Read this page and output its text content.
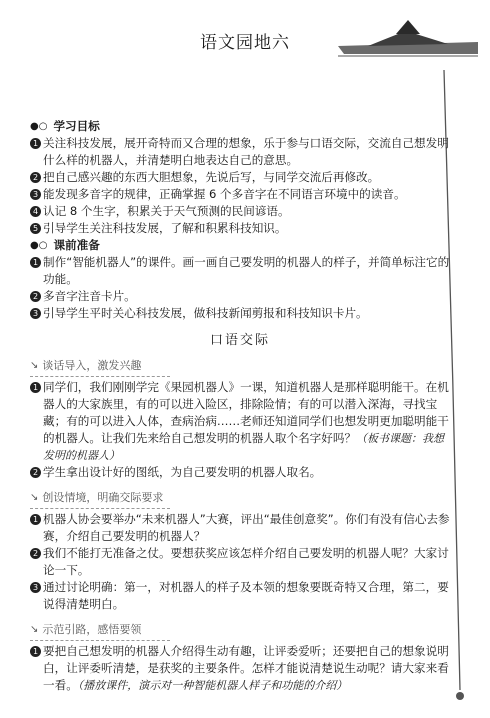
语文园地六
●○ 学习目标
1 关注科技发展，展开奇特而又合理的想象，乐于参与口语交际，交流自己想发明什么样的机器人，并清楚明白地表达自己的意思。
2 把自己感兴趣的东西大胆想象，先说后写，与同学交流后再修改。
3 能发现多音字的规律，正确掌握 6 个多音字在不同语言环境中的读音。
4 认记 8 个生字，积累关于天气预测的民间谚语。
5 引导学生关注科技发展，了解和积累科技知识。
●○ 课前准备
1 制作“智能机器人”的课件。画一画自己要发明的机器人的样子，并简单标注它的功能。
2 多音字注音卡片。
3 引导学生平时关心科技发展，做科技新闻剪报和科技知识卡片。
口语交际
↘ 谈话导入，激发兴趣
1 同学们，我们刚刚学完《果园机器人》一课，知道机器人是那样聪明能干。在机器人的大家族里，有的可以进入险区，排除险情；有的可以潜入深海，寻找宝藏；有的可以进入人体，查病治病……老师还知道同学们也想发明更加聪明能干的机器人。让我们先来给自己想发明的机器人取个名字好吗？（板书课题：我想发明的机器人）
2 学生拿出设计好的图纸，为自己要发明的机器人取名。
↘ 创设情境，明确交际要求
1 机器人协会要举办“未来机器人”大赛，评出“最佳创意奖”。你们有没有信心去参赛，介绍自己要发明的机器人？
2 我们不能打无准备之仗。要想获奖应该怎样介绍自己要发明的机器人呢？大家讨论一下。
3 通过讨论明确：第一，对机器人的样子及本领的想象要既奇特又合理，第二，要说得清楚明白。
↘ 示范引路，感悟要领
1 要把自己想发明的机器人介绍得生动有趣，让评委爱听；还要把自己的想象说明白，让评委听清楚，是获奖的主要条件。怎样才能说清楚说生动呢？请大家来看一看。（播放课件，演示对一种智能机器人样子和功能的介绍）
